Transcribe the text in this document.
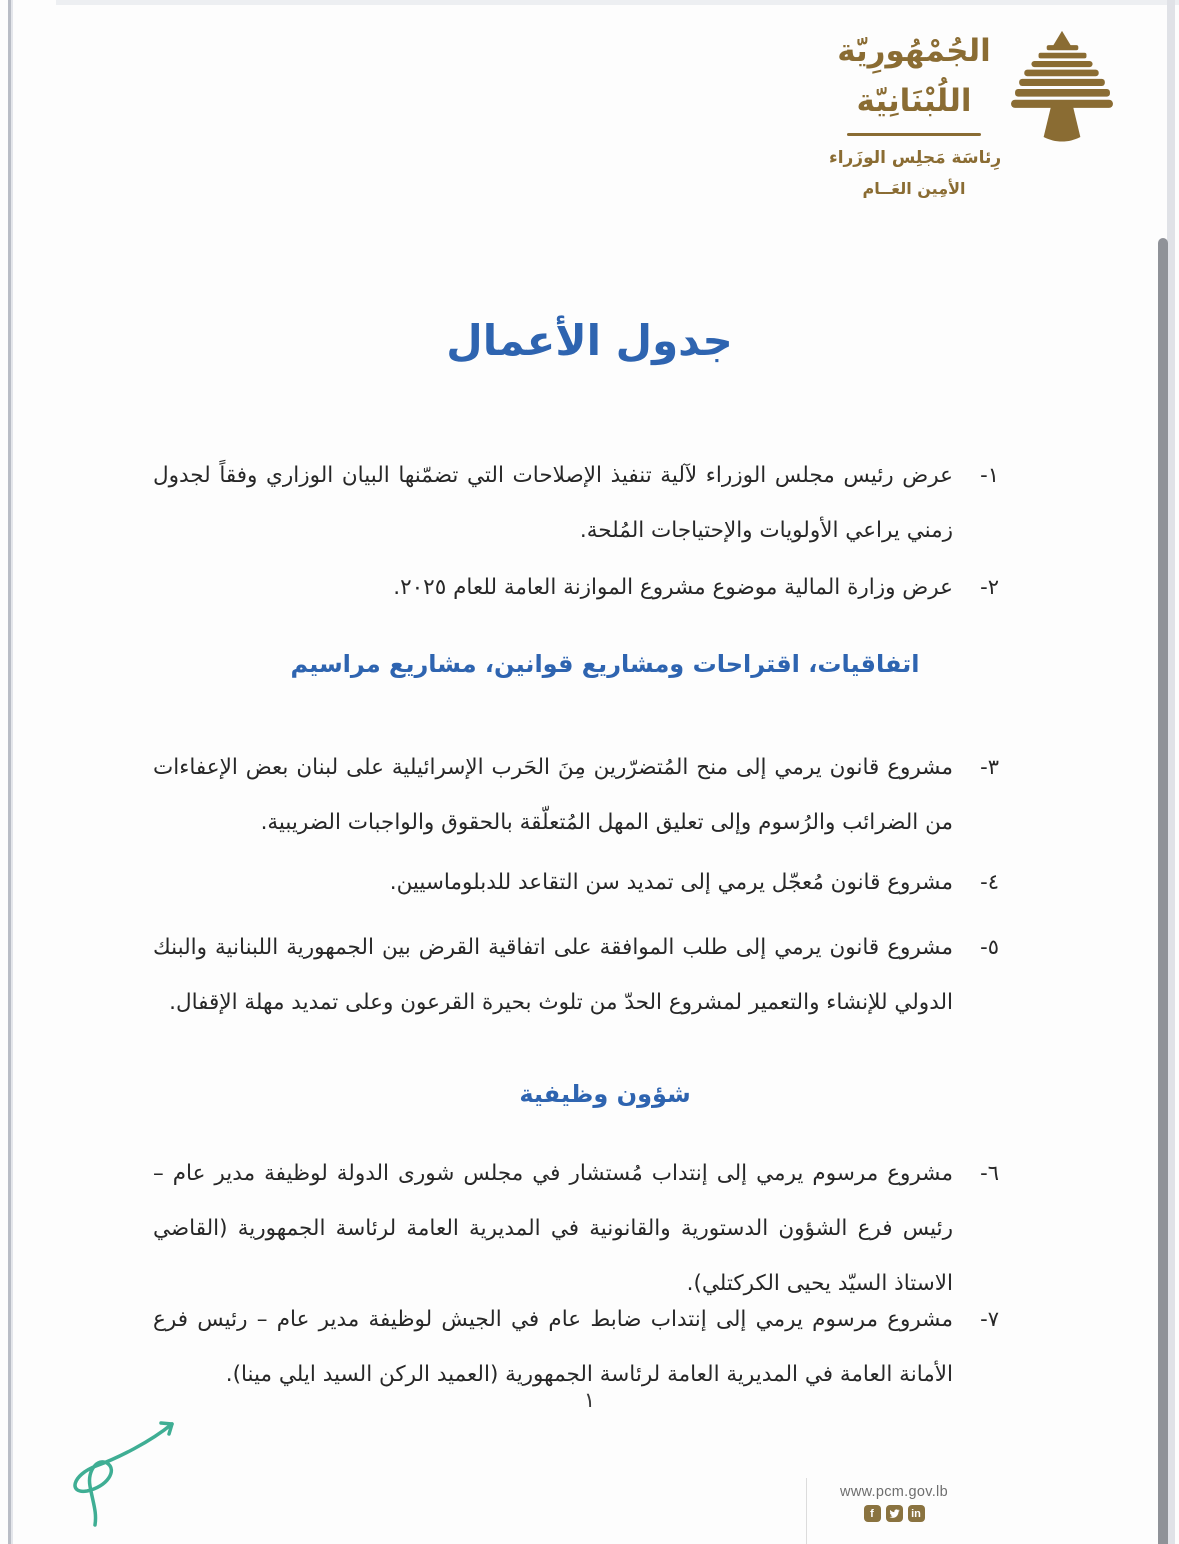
الجُمْهُورِيّة
اللُبْنَانِيّة
رِئاسَة مَجلِس الوزَراء
الأمِين العَــام
جدول الأعمال
١-

عرض رئيس مجلس الوزراء لآلية تنفيذ الإصلاحات التي تضمّنها البيان الوزاري وفقاً لجدول زمني يراعي الأولويات والإحتياجات المُلحة.

٢-

عرض وزارة المالية موضوع مشروع الموازنة العامة للعام ٢٠٢٥.

اتفاقيات، اقتراحات ومشاريع قوانين، مشاريع مراسيم
٣-

مشروع قانون يرمي إلى منح المُتضرّرين مِنَ الحَرب الإسرائيلية على لبنان بعض الإعفاءات من الضرائب والرُسوم وإلى تعليق المهل المُتعلّقة بالحقوق والواجبات الضريبية.

٤-

مشروع قانون مُعجّل يرمي إلى تمديد سن التقاعد للدبلوماسيين.

٥-

مشروع قانون يرمي إلى طلب الموافقة على اتفاقية القرض بين الجمهورية اللبنانية والبنك الدولي للإنشاء والتعمير لمشروع الحدّ من تلوث بحيرة القرعون وعلى تمديد مهلة الإقفال.

شؤون وظيفية
٦-

مشروع مرسوم يرمي إلى إنتداب مُستشار في مجلس شورى الدولة لوظيفة مدير عام – رئيس فرع الشؤون الدستورية والقانونية في المديرية العامة لرئاسة الجمهورية (القاضي الاستاذ السيّد يحيى الكركتلي).

٧-

مشروع مرسوم يرمي إلى إنتداب ضابط عام في الجيش لوظيفة مدير عام – رئيس فرع الأمانة العامة في المديرية العامة لرئاسة الجمهورية (العميد الركن السيد ايلي مينا).

١
www.pcm.gov.lb
f	in
